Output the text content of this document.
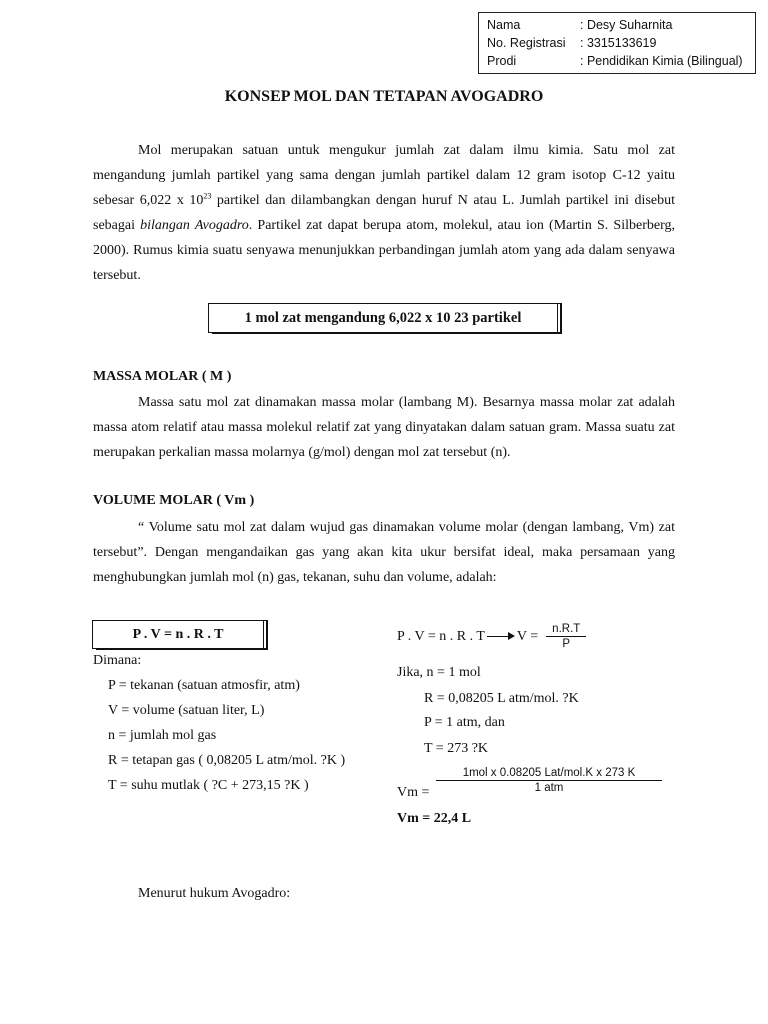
Nama	: Desy Suharnita
No. Registrasi	: 3315133619
Prodi	: Pendidikan Kimia (Bilingual)
KONSEP MOL DAN TETAPAN AVOGADRO

Mol merupakan satuan untuk mengukur jumlah zat dalam ilmu kimia. Satu mol zat mengandung jumlah partikel yang sama dengan jumlah partikel dalam 12 gram isotop C-12 yaitu sebesar 6,022 x $10^{23}$ partikel dan dilambangkan dengan huruf N atau L. Jumlah partikel ini disebut sebagai bilangan Avogadro. Partikel zat dapat berupa atom, molekul, atau ion (Martin S. Silberberg, 2000). Rumus kimia suatu senyawa menunjukkan perbandingan jumlah atom yang ada dalam senyawa tersebut.

1 mol zat mengandung 6,022 x 10 23 partikel
MASSA MOLAR ( M )

Massa satu mol zat dinamakan massa molar (lambang M). Besarnya massa molar zat adalah massa atom relatif atau massa molekul relatif zat yang dinyatakan dalam satuan gram. Massa suatu zat merupakan perkalian massa molarnya (g/mol) dengan mol zat tersebut (n).

VOLUME MOLAR ( Vm )

“ Volume satu mol zat dalam wujud gas dinamakan volume molar (dengan lambang, Vm) zat tersebut”. Dengan mengandaikan gas yang akan kita ukur bersifat ideal, maka persamaan yang menghubungkan jumlah mol (n) gas, tekanan, suhu dan volume, adalah:

P . V = n . R . T
Dimana:
P = tekanan (satuan atmosfir, atm)
V = volume (satuan liter, L)
n = jumlah mol gas
R = tetapan gas ( 0,08205 L atm/mol. ?K )
T = suhu mutlak ( ?C + 273,15 ?K )
P . V = n . R . T $V = \frac{n.R.T}{P}$
Jika, n = 1 mol
R = 0,08205 L atm/mol. ?K
P = 1 atm, dan
T = 273 ?K
Vm =
1mol x 0.08205 Lat/mol.K x 273 K
1 atm
Vm = 22,4 L
Menurut hukum Avogadro:
